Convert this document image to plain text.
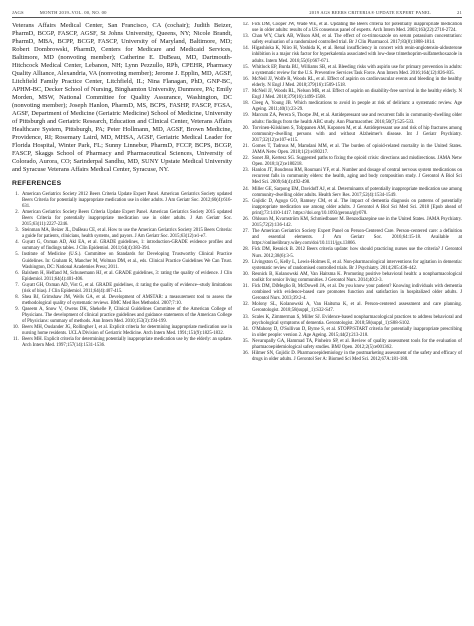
JAGS	MONTH 2019–VOL. 00, NO. 00	2019 AGS BEERS CRITERIA® UPDATE EXPERT PANEL	21

Veterans Affairs Medical Center, San Francisco, CA (cochair); Judith Beizer, PharmD, BCGP, FASCP, AGSF, St Johns University, Queens, NY; Nicole Brandt, PharmD, MBA, BCPP, BCGP, FASCP, University of Maryland, Baltimore, MD; Robert Dombrowski, PharmD, Centers for Medicare and Medicaid Services, Baltimore, MD (nonvoting member); Catherine E. DuBeau, MD, Dartmouth-Hitchcock Medical Center, Lebanon, NH; Lynn Pezzullo, RPh, CPEHR, Pharmacy Quality Alliance, Alexandria, VA (nonvoting member); Jerome J. Epplin, MD, AGSF, Litchfield Family Practice Center, Litchfield, IL; Nina Flanagan, PhD, GNP-BC, APHM-BC, Decker School of Nursing, Binghamton University, Dunmore, PA; Emily Morden, MSW, National Committee for Quality Assurance, Washington, DC (nonvoting member); Joseph Hanlon, PharmD, MS, BCPS, FASHP, FASCP, FGSA, AGSF, Department of Medicine (Geriatric Medicine) School of Medicine, University of Pittsburgh and Geriatric Research, Education and Clinical Center, Veterans Affairs Healthcare System, Pittsburgh, PA; Peter Hollmann, MD, AGSF, Brown Medicine, Providence, RI; Rosemary Laird, MD, MHSA, AGSF, Geriatric Medical Leader for Florida Hospital, Winter Park, FL; Sunny Linnebur, PharmD, FCCP, BCPS, BCGP, FASCP, Skaggs School of Pharmacy and Pharmaceutical Sciences, University of Colorado, Aurora, CO; Sarinderpal Sandhu, MD, SUNY Upstate Medical University and Syracuse Veterans Affairs Medical Center, Syracuse, NY.

REFERENCES
1. American Geriatrics Society 2012 Beers Criteria Update Expert Panel. American Geriatrics Society updated Beers Criteria for potentially inappropriate medication use in older adults. J Am Geriatr Soc. 2012;60(4):616-631.
2. American Geriatrics Society Beers Criteria Update Expert Panel. American Geriatrics Society 2015 updated Beers Criteria for potentially inappropriate medication use in older adults. J Am Geriatr Soc. 2015;63(11):2227-2246.
3. Steinman MA, Beizer JL, DuBeau CE, et al. How to use the American Geriatrics Society 2015 Beers Criteria: a guide for patients, clinicians, health systems, and payors. J Am Geriatr Soc. 2015;63(12):e1-e7.
4. Guyatt G, Oxman AD, Akl EA, et al. GRADE guidelines, 1: introduction-GRADE evidence profiles and summary of findings tables. J Clin Epidemiol. 2011;64(4):383-394.
5. Institute of Medicine (U.S.). Committee on Standards for Developing Trustworthy Clinical Practice Guidelines. In: Graham R, Mancher M, Wolman DM, et al., eds. Clinical Practice Guidelines We Can Trust. Washington, DC: National Academies Press; 2011.
6. Balshem H, Helfand M, Schunemann HJ, et al. GRADE guidelines, 3: rating the quality of evidence. J Clin Epidemiol. 2011;64(4):401-406.
7. Guyatt GH, Oxman AD, Vist G, et al. GRADE guidelines, 4: rating the quality of evidence--study limitations (risk of bias). J Clin Epidemiol. 2011;64(4):407-415.
8. Shea BJ, Grimshaw JM, Wells GA, et al. Development of AMSTAR: a measurement tool to assess the methodological quality of systematic reviews. BMC Med Res Methodol. 2007;7:10.
9. Qaseem A, Snow V, Owens DK, Shekelle P, Clinical Guidelines Committee of the American College of Physicians. The development of clinical practice guidelines and guidance statements of the American College of Physicians: summary of methods. Ann Intern Med. 2010;153(3):194-199.
10. Beers MH, Ouslander JG, Rollingher I, et al. Explicit criteria for determining inappropriate medication use in nursing home residents. UCLA Division of Geriatric Medicine. Arch Intern Med. 1991;151(9):1825-1832.
11. Beers MH. Explicit criteria for determining potentially inappropriate medication use by the elderly: an update. Arch Intern Med. 1997;157(14):1531-1536.
12. Fick DM, Cooper JW, Wade WE, et al. Updating the Beers criteria for potentially inappropriate medication use in older adults: results of a US consensus panel of experts. Arch Intern Med. 2003;163(22):2716-2724.
13. Chan WY, Clark AB, Wilson AM, et al. The effect of co-trimoxazole on serum potassium concentration: safety evaluation of a randomized controlled trial. Br J Clin Pharmacol. 2017;83(8):1808-1814.
14. Higashioka K, Niiro H, Yoshida K, et al. Renal insufficiency in concert with renin-angiotensin-aldosterone inhibition is a major risk factor for hyperkalemia associated with low-dose trimethoprim-sulfamethoxazole in adults. Intern Med. 2016;55(6):667-671.
15. Whitlock EP, Burda BU, Williams SB, et al. Bleeding risks with aspirin use for primary prevention in adults: a systematic review for the U.S. Preventive Services Task Force. Ann Intern Med. 2016;164(12):826-835.
16. McNeil JJ, Wolfe R, Woods RL, et al. Effect of aspirin on cardiovascular events and bleeding in the healthy elderly. N Engl J Med. 2018;379(16):1509-1518.
17. McNeil JJ, Woods RL, Nelson MR, et al. Effect of aspirin on disability-free survival in the healthy elderly. N Engl J Med. 2018;379(16):1499-1508.
18. Cleeg A, Young JB. Which medications to avoid in people at risk of delirium: a systematic review. Age Ageing. 2011;40(1):23-29.
19. Marcum ZA, Perera S, Thorpe JM, et al. Antidepressant use and recurrent falls in community-dwelling older adults: findings from the health ABC study. Ann Pharmacother. 2016;50(7):525-533.
20. Torvinen-Kiiskinen S, Tolppanen AM, Koponen M, et al. Antidepressant use and risk of hip fractures among community-dwelling persons with and without Alzheimer's disease. Int J Geriatr Psychiatry. 2017;32(12):e107-e115.
21. Gomes T, Tadrous M, Mamdani MM, et al. The burden of opioid-related mortality in the United States. JAMA Netw Open. 2018;1(2):e180217.
22. Sonet JB, Kertesz SG. Suggested paths to fixing the opioid crisis: directions and misdirections. JAMA Netw Open. 2018;1(2):e180218.
23. Hanlon JT, Boudreau RM, Roumani YF, et al. Number and dosage of central nervous system medications on recurrent falls in community elders: the health, aging and body composition study. J Gerontol A Biol Sci Med Sci. 2009;64(4):492-498.
24. Miller GE, Sarpong EM, Davidoff AJ, et al. Determinants of potentially inappropriate medication use among community-dwelling older adults. Health Serv Res. 2017;52(4):1534-1549.
25. Gnjidic D, Agogo GO, Ramsey CM, et al. The impact of dementia diagnosis on patterns of potentially inappropriate medication use among older adults. J Gerontol A Biol Sci Med Sci. 2018 [Epub ahead of print];73:1410-1417. https://doi.org/10.1093/gerona/gly078.
26. Ohlsson M, Kvarnström KM, Schmiedbauer M. Benzodiazepine use in the United States. JAMA Psychiatry. 2015;72(2):136-142.
27. The American Geriatrics Society Expert Panel on Person-Centered Care. Person-centered care: a definition and essential elements. J Am Geriatr Soc. 2016;64:15-18. Available at https://onlinelibrary.wiley.com/doi/10.1111/jgs.13866.
28. Fick DM, Resnick B. 2012 Beers criteria update: how should practicing nurses use the criteria? J Gerontol Nurs. 2012;38(6):3-5.
29. Livingston G, Kelly L, Lewis-Holmes E, et al. Non-pharmacological interventions for agitation in dementia: systematic review of randomised controlled trials. Br J Psychiatry. 2014;205:436-442.
30. Resnick B, Kolanowski AM, Van Haitsma K. Promoting positive behavioral health: a nonpharmacological toolkit for senior living communities. J Gerontol Nurs. 2014;40:2-3.
31. Fick DM, DiMeglio B, McDowell JA, et al. Do you know your patient? Knowing individuals with dementia combined with evidence-based care promotes function and satisfaction in hospitalized older adults. J Gerontol Nurs. 2013;39:2-4.
32. Molony SL, Kolanowski A, Van Haitsma K, et al. Person-centered assessment and care planning. Gerontologist. 2018;58(suppl_1):S32-S47.
33. Scales K, Zimmerman S, Miller SJ. Evidence-based nonpharmacological practices to address behavioral and psychological symptoms of dementia. Gerontologist. 2018;58(suppl_1):S88-S102.
34. O'Mahony D, O'Sullivan D, Byrne S, et al. STOPP/START criteria for potentially inappropriate prescribing in older people: version 2. Age Ageing. 2015;44(2):213-218.
35. Nevarupally GA, Hammad TA, Pinheiro SP, et al. Review of quality assessment tools for the evaluation of pharmacoepidemiological safety studies. BMJ Open. 2012;2(5):e001362.
36. Hilmer SN, Gnjidic D. Pharmacoepidemiology in the postmarketing assessment of the safety and efficacy of drugs in older adults. J Gerontol Ser A: Biomed Sci Med Sci. 2012;67A:181-188.
